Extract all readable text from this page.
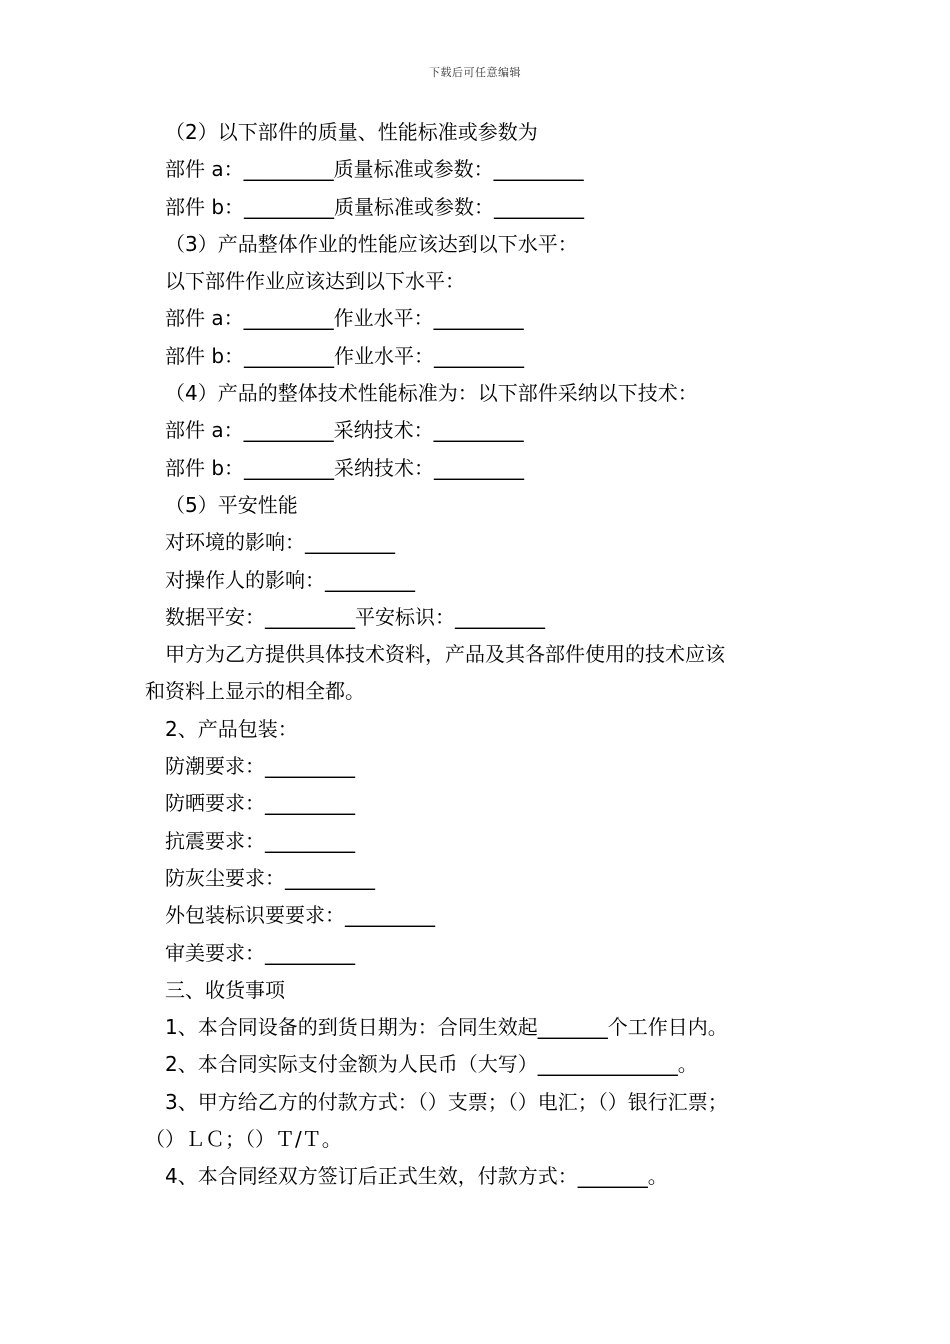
下载后可任意编辑
（2）以下部件的质量、性能标准或参数为
部件 a：_________质量标准或参数：_________
部件 b：_________质量标准或参数：_________
（3）产品整体作业的性能应该达到以下水平：
以下部件作业应该达到以下水平：
部件 a：_________作业水平：_________
部件 b：_________作业水平：_________
（4）产品的整体技术性能标准为：以下部件采纳以下技术：
部件 a：_________采纳技术：_________
部件 b：_________采纳技术：_________
（5）平安性能
对环境的影响：_________
对操作人的影响：_________
数据平安：_________平安标识：_________
甲方为乙方提供具体技术资料，产品及其各部件使用的技术应该
和资料上显示的相全都。
2、产品包装：
防潮要求：_________
防晒要求：_________
抗震要求：_________
防灰尘要求：_________
外包装标识要要求：_________
审美要求：_________
三、收货事项
1、本合同设备的到货日期为：合同生效起_______个工作日内。
2、本合同实际支付金额为人民币（大写）______________。
3、甲方给乙方的付款方式：（）支票；（）电汇；（）银行汇票；
（）ＬＣ；（）Ｔ/Ｔ。
4、本合同经双方签订后正式生效，付款方式：_______。
